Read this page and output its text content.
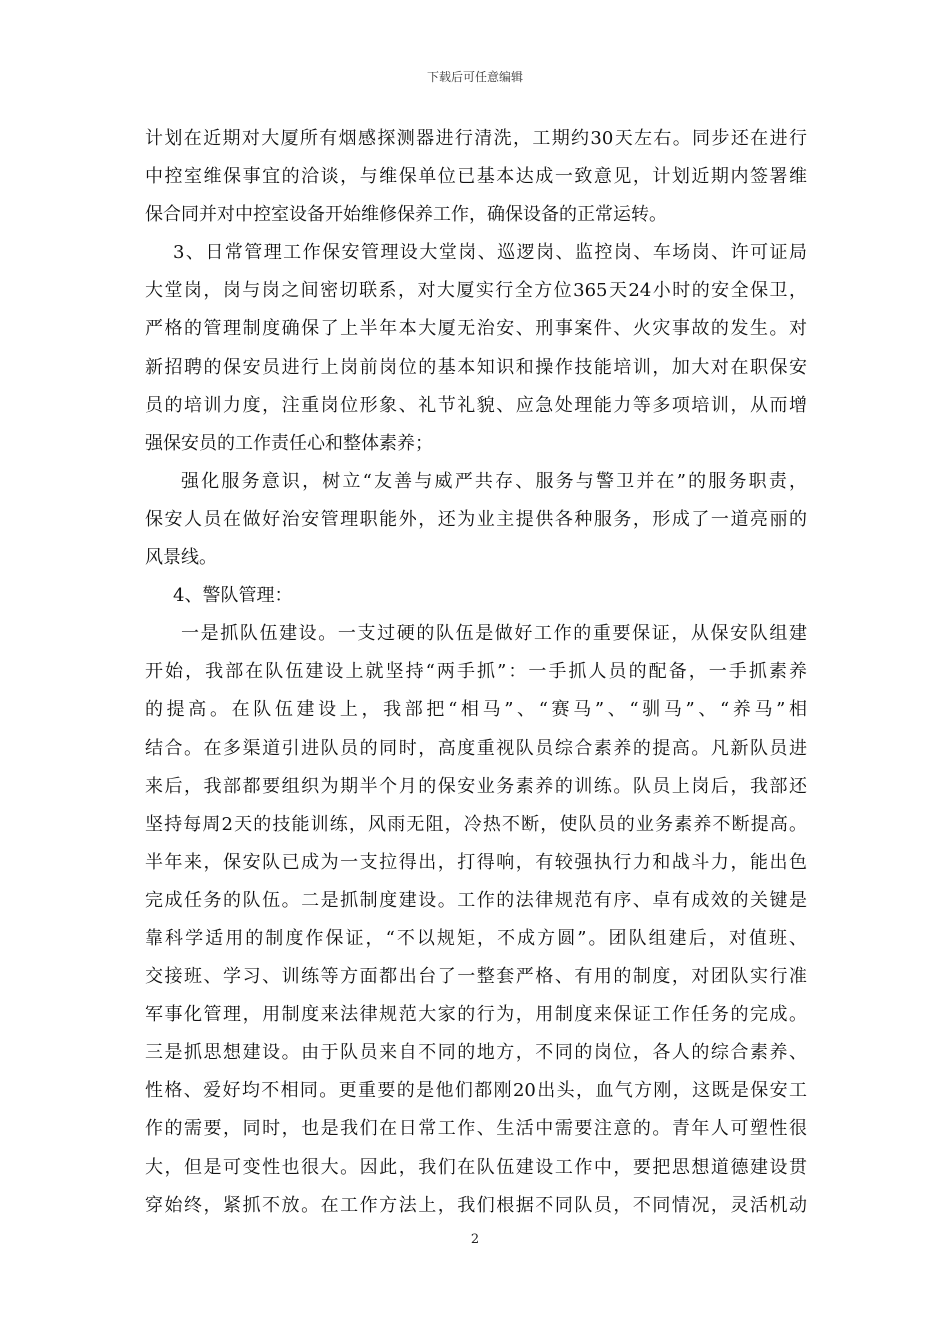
下载后可任意编辑
计划在近期对大厦所有烟感探测器进行清洗，工期约30天左右。同步还在进行
中控室维保事宜的洽谈，与维保单位已基本达成一致意见，计划近期内签署维
保合同并对中控室设备开始维修保养工作，确保设备的正常运转。
3、日常管理工作保安管理设大堂岗、巡逻岗、监控岗、车场岗、许可证局
大堂岗，岗与岗之间密切联系，对大厦实行全方位365天24小时的安全保卫，
严格的管理制度确保了上半年本大厦无治安、刑事案件、火灾事故的发生。对
新招聘的保安员进行上岗前岗位的基本知识和操作技能培训，加大对在职保安
员的培训力度，注重岗位形象、礼节礼貌、应急处理能力等多项培训，从而增
强保安员的工作责任心和整体素养；
强化服务意识，树立“友善与威严共存、服务与警卫并在”的服务职责，
保安人员在做好治安管理职能外，还为业主提供各种服务，形成了一道亮丽的
风景线。
4、警队管理：
一是抓队伍建设。一支过硬的队伍是做好工作的重要保证，从保安队组建
开始，我部在队伍建设上就坚持“两手抓”：一手抓人员的配备，一手抓素养
的提高。在队伍建设上，我部把“相马”、“赛马”、“驯马”、“养马”相
结合。在多渠道引进队员的同时，高度重视队员综合素养的提高。凡新队员进
来后，我部都要组织为期半个月的保安业务素养的训练。队员上岗后，我部还
坚持每周2天的技能训练，风雨无阻，冷热不断，使队员的业务素养不断提高。
半年来，保安队已成为一支拉得出，打得响，有较强执行力和战斗力，能出色
完成任务的队伍。二是抓制度建设。工作的法律规范有序、卓有成效的关键是
靠科学适用的制度作保证，“不以规矩，不成方圆”。团队组建后，对值班、
交接班、学习、训练等方面都出台了一整套严格、有用的制度，对团队实行准
军事化管理，用制度来法律规范大家的行为，用制度来保证工作任务的完成。
三是抓思想建设。由于队员来自不同的地方，不同的岗位，各人的综合素养、
性格、爱好均不相同。更重要的是他们都刚20出头，血气方刚，这既是保安工
作的需要，同时，也是我们在日常工作、生活中需要注意的。青年人可塑性很
大，但是可变性也很大。因此，我们在队伍建设工作中，要把思想道德建设贯
穿始终，紧抓不放。在工作方法上，我们根据不同队员，不同情况，灵活机动
2
